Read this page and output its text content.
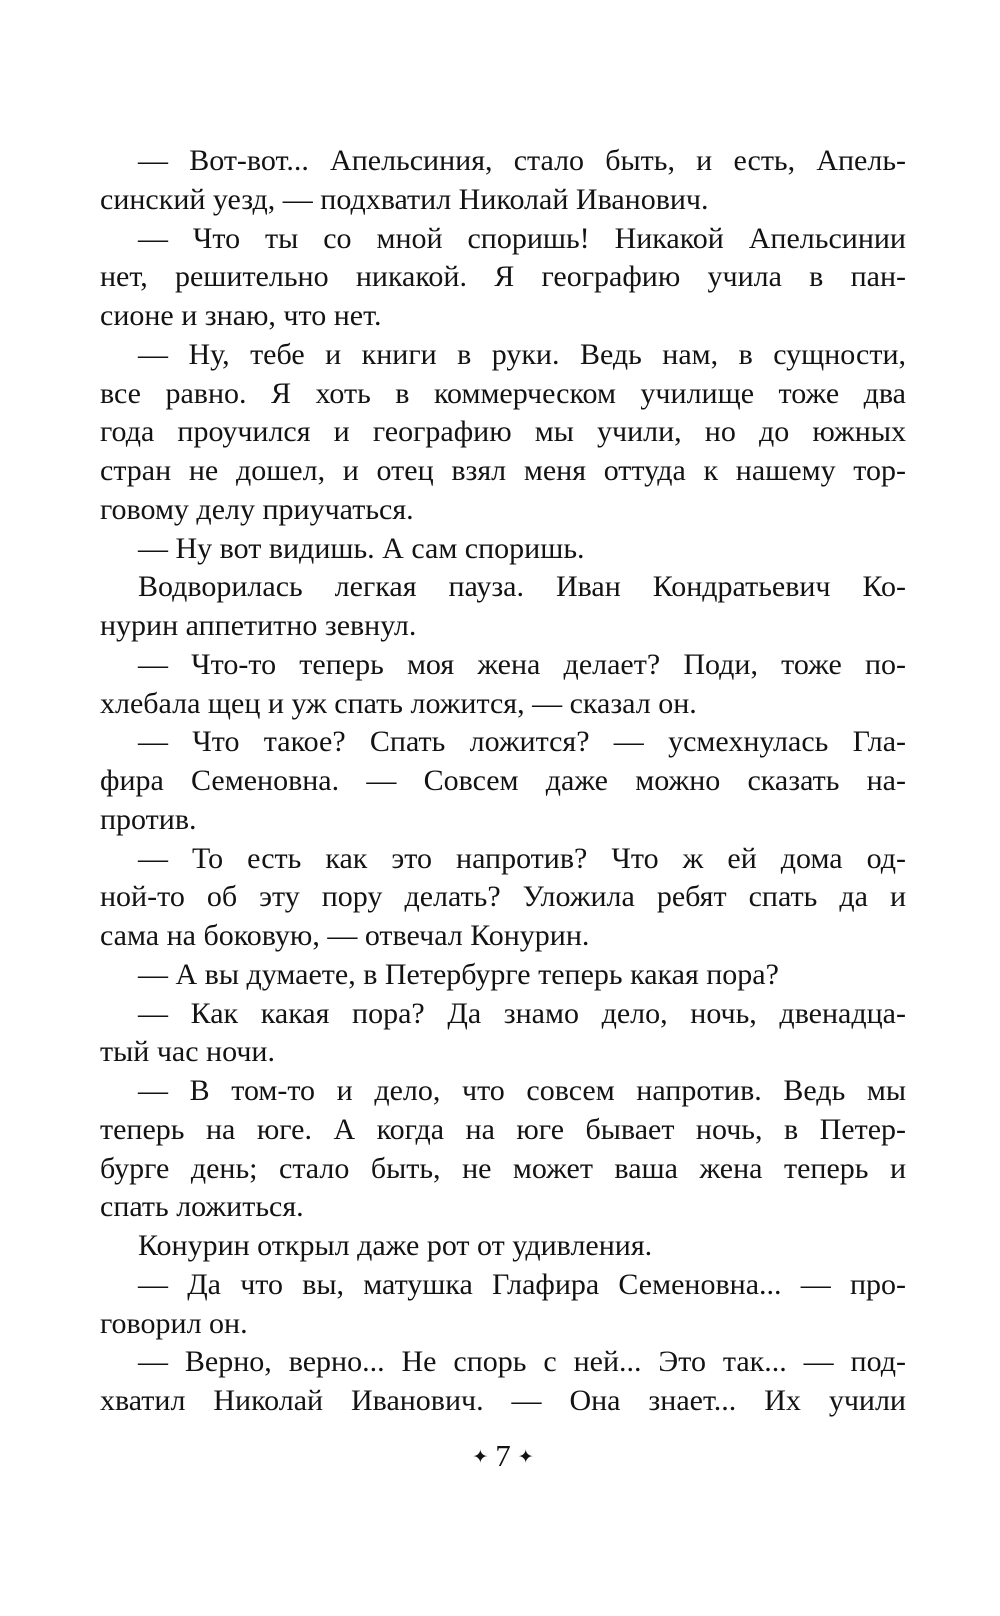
— Вот-вот... Апельсиния, стало быть, и есть, Апель-
синский уезд, — подхватил Николай Иванович.
— Что ты со мной споришь! Никакой Апельсинии
нет, решительно никакой. Я географию учила в пан-
сионе и знаю, что нет.
— Ну, тебе и книги в руки. Ведь нам, в сущности,
все равно. Я хоть в коммерческом училище тоже два
года проучился и географию мы учили, но до южных
стран не дошел, и отец взял меня оттуда к нашему тор-
говому делу приучаться.
— Ну вот видишь. А сам споришь.
Водворилась легкая пауза. Иван Кондратьевич Ко-
нурин аппетитно зевнул.
— Что-то теперь моя жена делает? Поди, тоже по-
хлебала щец и уж спать ложится, — сказал он.
— Что такое? Спать ложится? — усмехнулась Гла-
фира Семеновна. — Совсем даже можно сказать на-
против.
— То есть как это напротив? Что ж ей дома од-
ной-то об эту пору делать? Уложила ребят спать да и
сама на боковую, — отвечал Конурин.
— А вы думаете, в Петербурге теперь какая пора?
— Как какая пора? Да знамо дело, ночь, двенадца-
тый час ночи.
— В том-то и дело, что совсем напротив. Ведь мы
теперь на юге. А когда на юге бывает ночь, в Петер-
бурге день; стало быть, не может ваша жена теперь и
спать ложиться.
Конурин открыл даже рот от удивления.
— Да что вы, матушка Глафира Семеновна... — про-
говорил он.
— Верно, верно... Не спорь с ней... Это так... — под-
хватил Николай Иванович. — Она знает... Их учили
✦ 7 ✦
